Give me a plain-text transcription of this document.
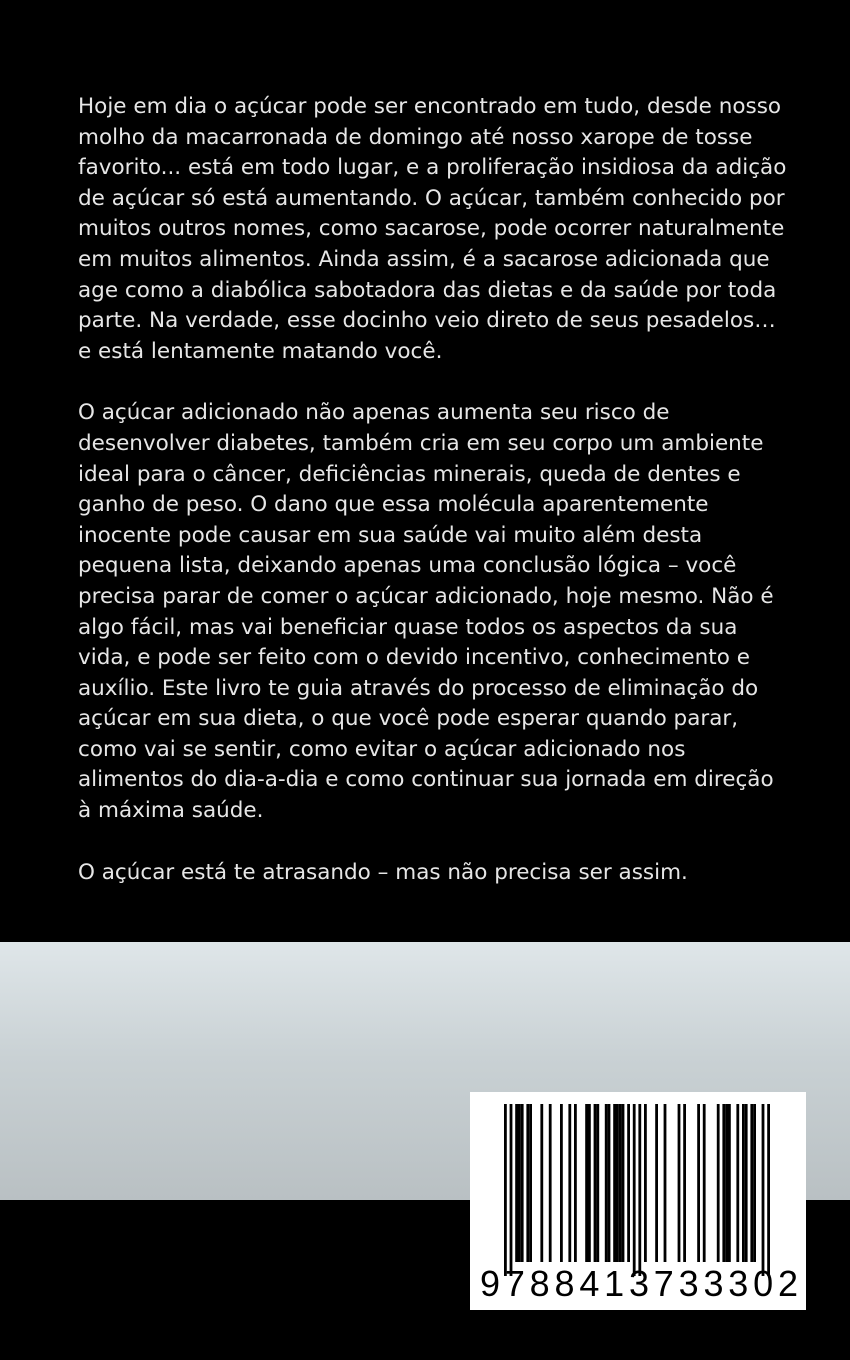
Hoje em dia o açúcar pode ser encontrado em tudo, desde nosso molho da macarronada de domingo até nosso xarope de tosse favorito... está em todo lugar, e a proliferação insidiosa da adição de açúcar só está aumentando. O açúcar, também conhecido por muitos outros nomes, como sacarose, pode ocorrer naturalmente em muitos alimentos. Ainda assim, é a sacarose adicionada que age como a diabólica sabotadora das dietas e da saúde por toda parte. Na verdade, esse docinho veio direto de seus pesadelos… e está lentamente matando você.

O açúcar adicionado não apenas aumenta seu risco de desenvolver diabetes, também cria em seu corpo um ambiente ideal para o câncer, deficiências minerais, queda de dentes e ganho de peso. O dano que essa molécula aparentemente inocente pode causar em sua saúde vai muito além desta pequena lista, deixando apenas uma conclusão lógica – você precisa parar de comer o açúcar adicionado, hoje mesmo. Não é algo fácil, mas vai beneficiar quase todos os aspectos da sua vida, e pode ser feito com o devido incentivo, conhecimento e auxílio. Este livro te guia através do processo de eliminação do açúcar em sua dieta, o que você pode esperar quando parar, como vai se sentir, como evitar o açúcar adicionado nos alimentos do dia-a-dia e como continuar sua jornada em direção à máxima saúde.

O açúcar está te atrasando – mas não precisa ser assim.

9 7 8 8 4 1 3 7 3 3 3 0 2
